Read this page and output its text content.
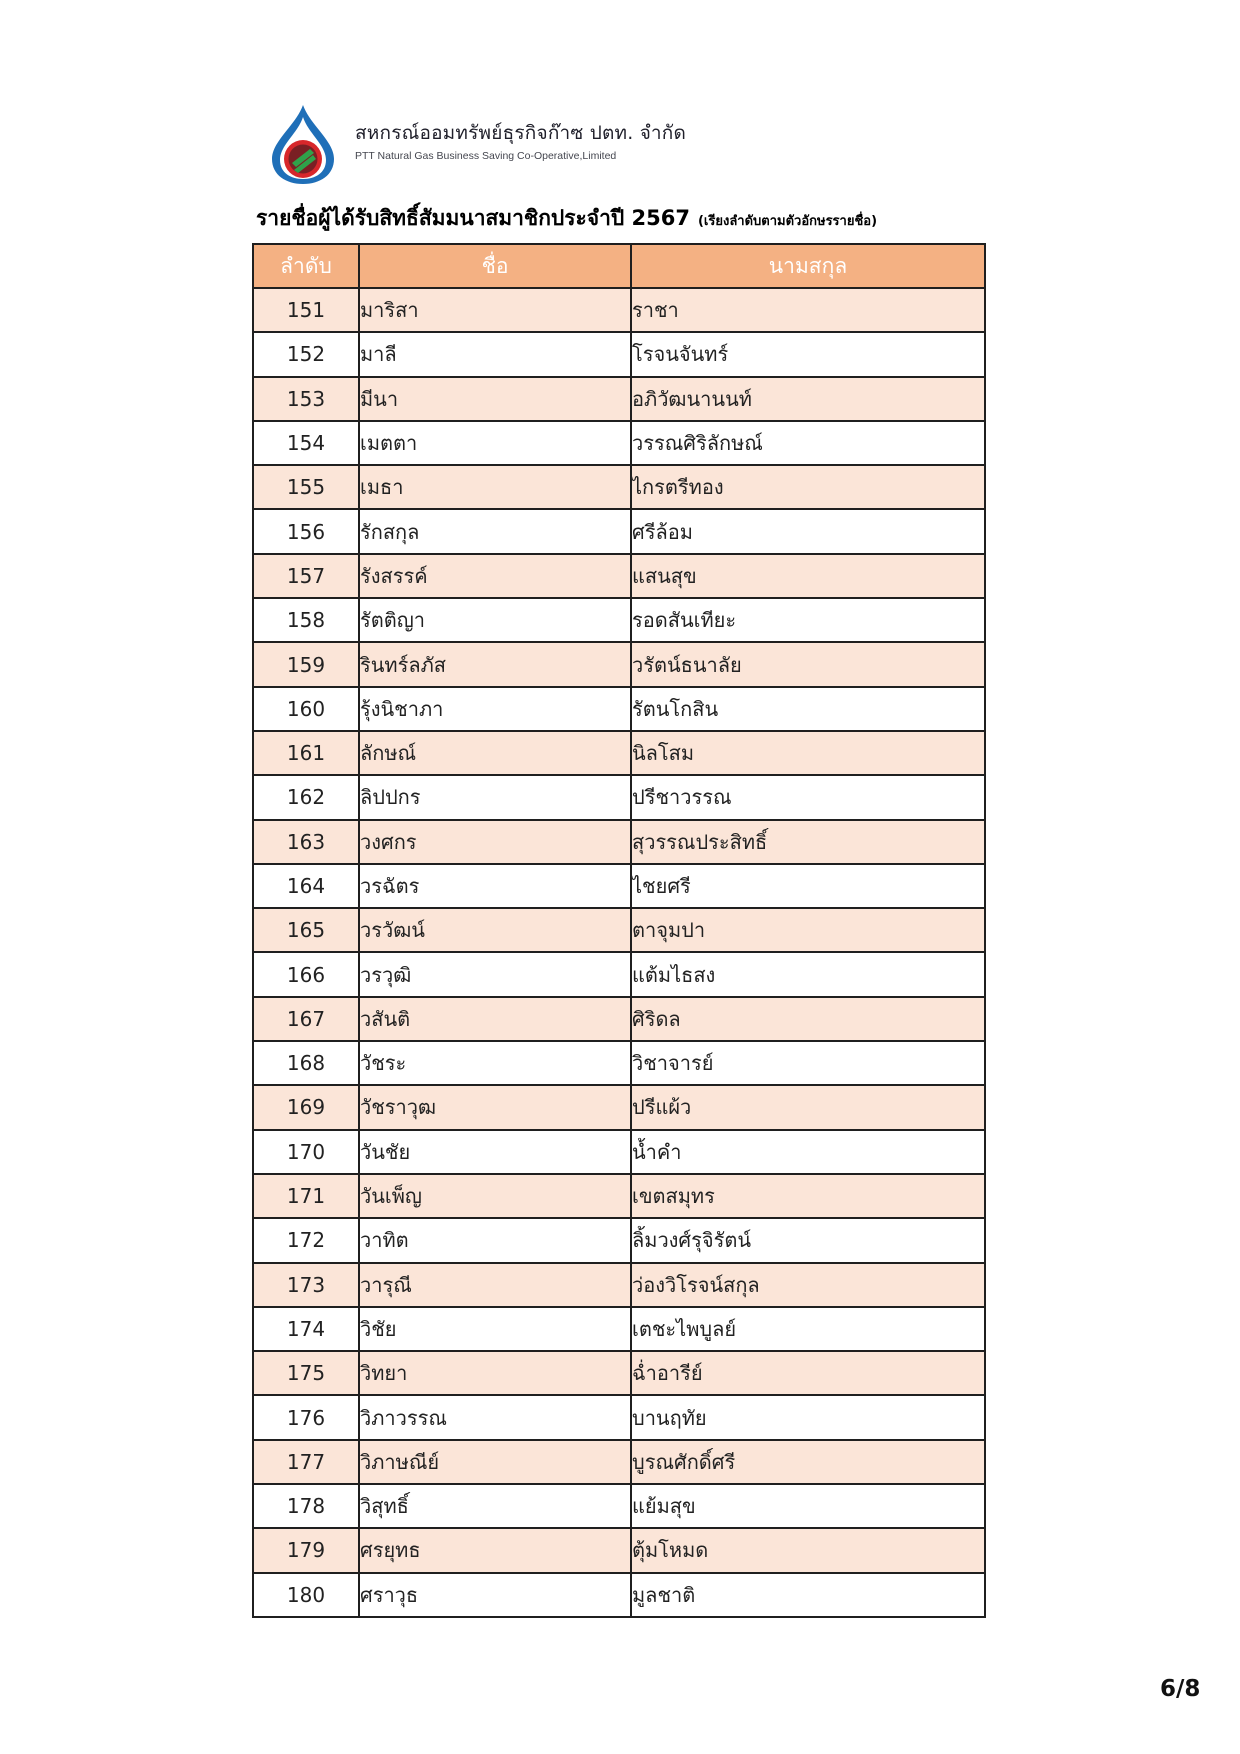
สหกรณ์ออมทรัพย์ธุรกิจก๊าซ ปตท. จำกัด
PTT Natural Gas Business Saving Co-Operative,Limited
รายชื่อผู้ได้รับสิทธิ์สัมมนาสมาชิกประจำปี 2567 (เรียงลำดับตามตัวอักษรรายชื่อ)
ลำดับ	ชื่อ	นามสกุล
151	มาริสา	ราชา
152	มาลี	โรจนจันทร์
153	มีนา	อภิวัฒนานนท์
154	เมตตา	วรรณศิริลักษณ์
155	เมธา	ไกรตรีทอง
156	รักสกุล	ศรีล้อม
157	รังสรรค์	แสนสุข
158	รัตติญา	รอดสันเทียะ
159	รินทร์ลภัส	วรัตน์ธนาลัย
160	รุ้งนิชาภา	รัตนโกสิน
161	ลักษณ์	นิลโสม
162	ลิปปกร	ปรีชาวรรณ
163	วงศกร	สุวรรณประสิทธิ์
164	วรฉัตร	ไชยศรี
165	วรวัฒน์	ตาจุมปา
166	วรวุฒิ	แต้มไธสง
167	วสันติ	ศิริดล
168	วัชระ	วิชาจารย์
169	วัชราวุฒ	ปรีแผ้ว
170	วันชัย	น้ำคำ
171	วันเพ็ญ	เขตสมุทร
172	วาทิต	ลิ้มวงศ์รุจิรัตน์
173	วารุณี	ว่องวิโรจน์สกุล
174	วิชัย	เตชะไพบูลย์
175	วิทยา	ฉ่ำอารีย์
176	วิภาวรรณ	บานฤทัย
177	วิภาษณีย์	บูรณศักดิ์ศรี
178	วิสุทธิ์	แย้มสุข
179	ศรยุทธ	ตุ้มโหมด
180	ศราวุธ	มูลชาติ
6/8
